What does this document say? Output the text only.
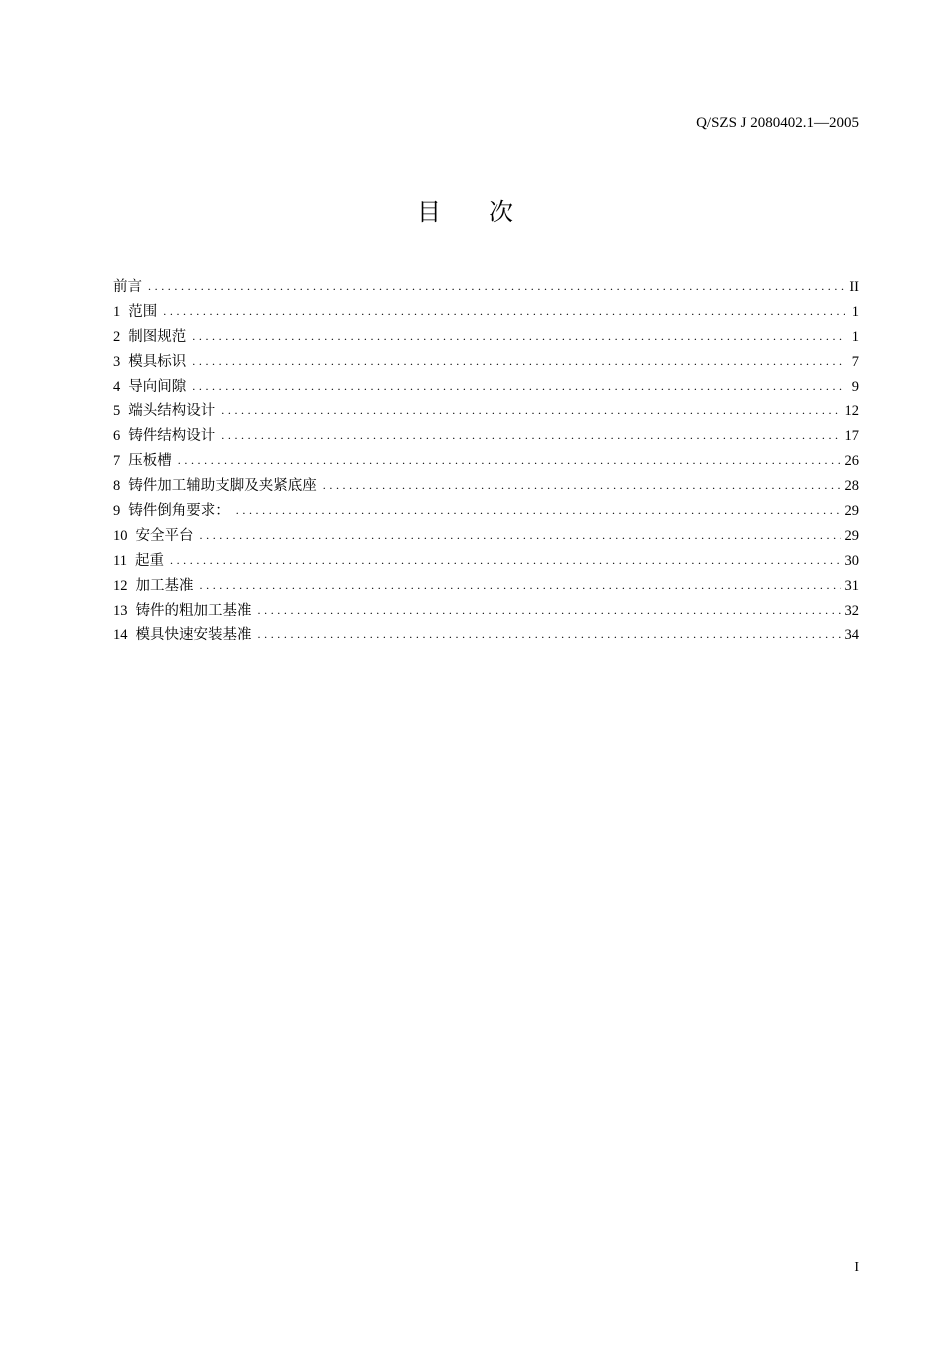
Q/SZS J 2080402.1—2005
目次
前言 . . .	II
1 范围 . . .	1
2 制图规范 . . .	1
3 模具标识 . . .	7
4 导向间隙 . . .	9
5 端头结构设计 . . .	12
6 铸件结构设计 . . .	17
7 压板槽 . . .	26
8 铸件加工辅助支脚及夹紧底座 . . .	28
9 铸件倒角要求： . . .	29
10 安全平台 . . .	29
11 起重 . . .	30
12 加工基准 . . .	31
13 铸件的粗加工基准 . . .	32
14 模具快速安装基准 . . .	34
I
